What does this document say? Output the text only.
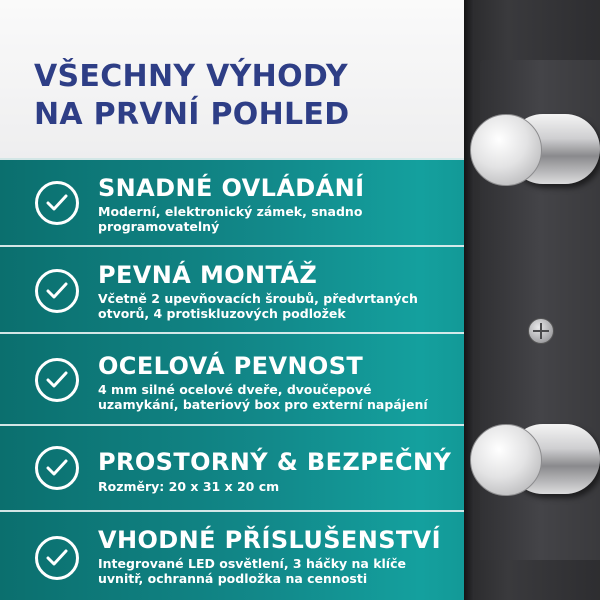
VŠECHNY VÝHODY
NA PRVNÍ POHLED
SNADNÉ OVLÁDÁNÍ

Moderní, elektronický zámek, snadno
programovatelný

PEVNÁ MONTÁŽ

Včetně 2 upevňovacích šroubů, předvrtaných
otvorů, 4 protiskluzových podložek

OCELOVÁ PEVNOST

4 mm silné ocelové dveře, dvoučepové
uzamykání, bateriový box pro externí napájení

PROSTORNÝ & BEZPEČNÝ

Rozměry: 20 x 31 x 20 cm

VHODNÉ PŘÍSLUŠENSTVÍ

Integrované LED osvětlení, 3 háčky na klíče
uvnitř, ochranná podložka na cennosti
